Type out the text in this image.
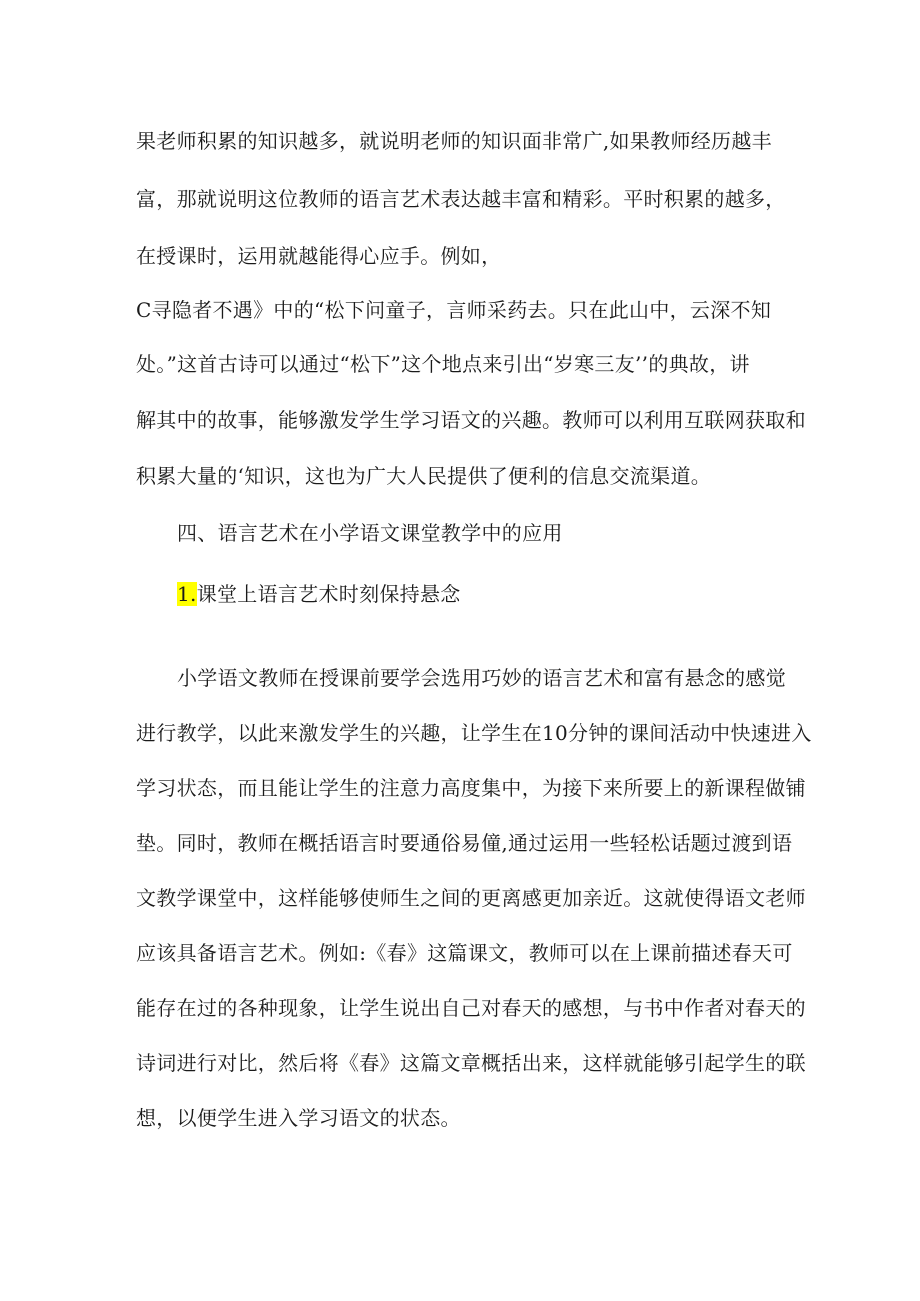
果老师积累的知识越多，就说明老师的知识面非常广,如果教师经历越丰
富，那就说明这位教师的语言艺术表达越丰富和精彩。平时积累的越多，
在授课时，运用就越能得心应手。例如，
C寻隐者不遇》中的“松下问童子，言师采药去。只在此山中，云深不知
处。”这首古诗可以通过“松下”这个地点来引出“岁寒三友’’的典故，讲
解其中的故事，能够激发学生学习语文的兴趣。教师可以利用互联网获取和
积累大量的‘知识，这也为广大人民提供了便利的信息交流渠道。
四、语言艺术在小学语文课堂教学中的应用
1.课堂上语言艺术时刻保持悬念
小学语文教师在授课前要学会选用巧妙的语言艺术和富有悬念的感觉
进行教学，以此来激发学生的兴趣，让学生在10分钟的课间活动中快速进入
学习状态，而且能让学生的注意力高度集中，为接下来所要上的新课程做铺
垫。同时，教师在概括语言时要通俗易僮,通过运用一些轻松话题过渡到语
文教学课堂中，这样能够使师生之间的更离感更加亲近。这就使得语文老师
应该具备语言艺术。例如:《春》这篇课文，教师可以在上课前描述春天可
能存在过的各种现象，让学生说出自己对春天的感想，与书中作者对春天的
诗词进行对比，然后将《春》这篇文章概括出来，这样就能够引起学生的联
想，以便学生进入学习语文的状态。
